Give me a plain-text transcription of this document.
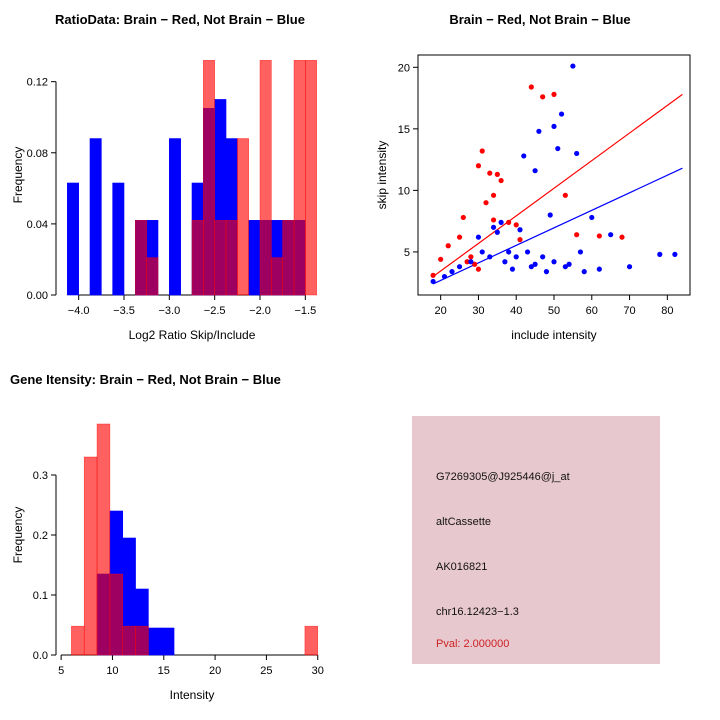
RatioData: Brain − Red, Not Brain − Blue
−4.0 −3.5 −3.0 −2.5 −2.0 −1.5
0.00
0.04
0.08
0.12
Log2 Ratio Skip/Include
Frequency
Brain − Red, Not Brain − Blue
20 30 40 50 60 70 80
5
10
15
20
include intensity
skip intensity
Gene Itensity: Brain − Red, Not Brain − Blue
5	10	15	20	25	30
0.0
0.1
0.2
0.3
Intensity
Frequency
G7269305@J925446@j_at
altCassette
AK016821
chr16.12423−1.3
Pval: 2.000000
